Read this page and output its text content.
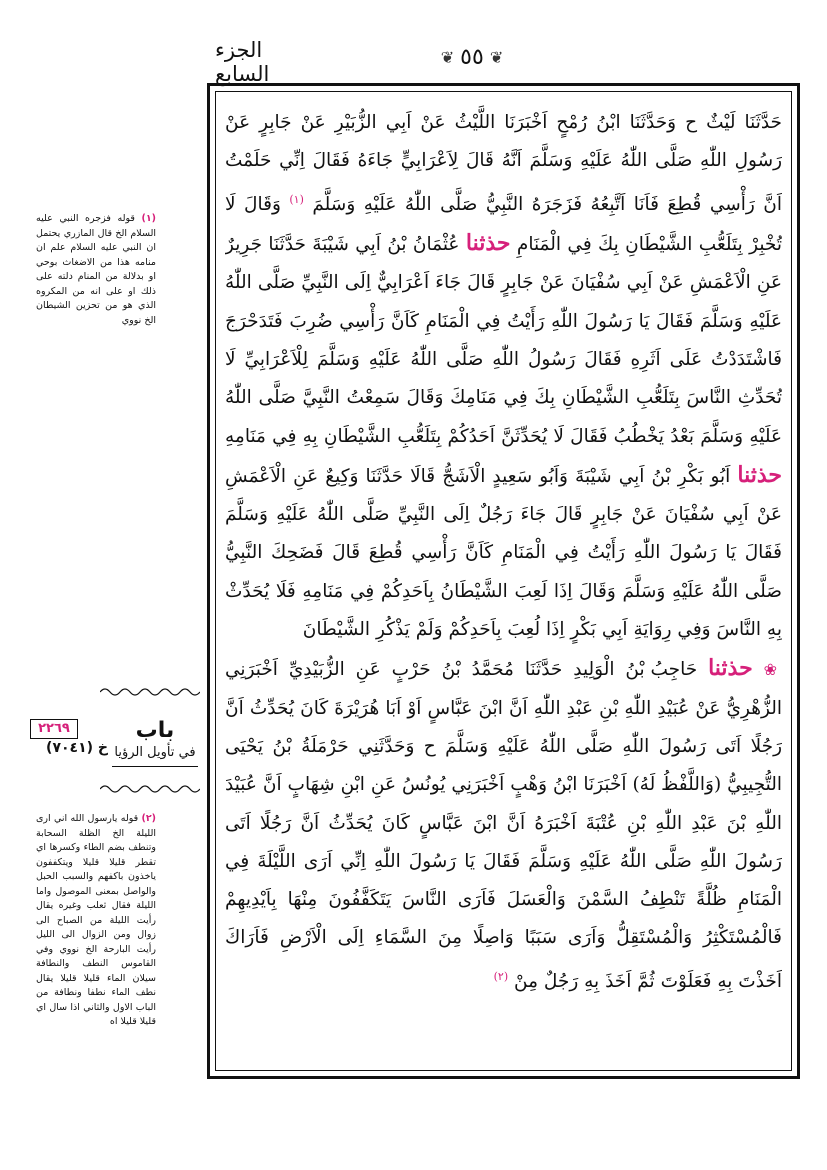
الجزء السابع
❦ ٥٥ ❦

حَدَّثَنَا لَيْثٌ ح وَحَدَّثَنَا ابْنُ رُمْحٍ اَخْبَرَنَا اللَّيْثُ عَنْ اَبِي الزُّبَيْرِ عَنْ جَابِرٍ عَنْ رَسُولِ اللّٰهِ صَلَّى اللّٰهُ عَلَيْهِ وَسَلَّمَ اَنَّهُ قَالَ لِاَعْرَابِيٍّ جَاءَهُ فَقَالَ اِنِّي حَلَمْتُ اَنَّ رَأْسِي قُطِعَ فَاَنَا اَتَّبِعُهُ فَزَجَرَهُ النَّبِيُّ صَلَّى اللّٰهُ عَلَيْهِ وَسَلَّمَ $^{(١)}$ وَقَالَ لَا تُخْبِرْ بِتَلَعُّبِ الشَّيْطَانِ بِكَ فِي الْمَنَامِ حذثنا عُثْمَانُ بْنُ اَبِي شَيْبَةَ حَدَّثَنَا جَرِيرٌ عَنِ الْاَعْمَشِ عَنْ اَبِي سُفْيَانَ عَنْ جَابِرٍ قَالَ جَاءَ اَعْرَابِيٌّ اِلَى النَّبِيِّ صَلَّى اللّٰهُ عَلَيْهِ وَسَلَّمَ فَقَالَ يَا رَسُولَ اللّٰهِ رَأَيْتُ فِي الْمَنَامِ كَاَنَّ رَأْسِي ضُرِبَ فَتَدَحْرَجَ فَاشْتَدَدْتُ عَلَى اَثَرِهِ فَقَالَ رَسُولُ اللّٰهِ صَلَّى اللّٰهُ عَلَيْهِ وَسَلَّمَ لِلْاَعْرَابِيِّ لَا تُحَدِّثِ النَّاسَ بِتَلَعُّبِ الشَّيْطَانِ بِكَ فِي مَنَامِكَ وَقَالَ سَمِعْتُ النَّبِيَّ صَلَّى اللّٰهُ عَلَيْهِ وَسَلَّمَ بَعْدُ يَخْطُبُ فَقَالَ لَا يُحَدِّثَنَّ اَحَدُكُمْ بِتَلَعُّبِ الشَّيْطَانِ بِهِ فِي مَنَامِهِ حذثنا اَبُو بَكْرِ بْنُ اَبِي شَيْبَةَ وَاَبُو سَعِيدٍ الْاَشَجُّ قَالَا حَدَّثَنَا وَكِيعٌ عَنِ الْاَعْمَشِ عَنْ اَبِي سُفْيَانَ عَنْ جَابِرٍ قَالَ جَاءَ رَجُلٌ اِلَى النَّبِيِّ صَلَّى اللّٰهُ عَلَيْهِ وَسَلَّمَ فَقَالَ يَا رَسُولَ اللّٰهِ رَأَيْتُ فِي الْمَنَامِ كَاَنَّ رَأْسِي قُطِعَ قَالَ فَضَحِكَ النَّبِيُّ صَلَّى اللّٰهُ عَلَيْهِ وَسَلَّمَ وَقَالَ اِذَا لَعِبَ الشَّيْطَانُ بِاَحَدِكُمْ فِي مَنَامِهِ فَلَا يُحَدِّثْ بِهِ النَّاسَ وَفِي رِوَايَةِ اَبِي بَكْرٍ اِذَا لُعِبَ بِاَحَدِكُمْ وَلَمْ يَذْكُرِ الشَّيْطَانَ

❀ حذثنا حَاجِبُ بْنُ الْوَلِيدِ حَدَّثَنَا مُحَمَّدُ بْنُ حَرْبٍ عَنِ الزُّبَيْدِيِّ اَخْبَرَنِي الزُّهْرِيُّ عَنْ عُبَيْدِ اللّٰهِ بْنِ عَبْدِ اللّٰهِ اَنَّ ابْنَ عَبَّاسٍ اَوْ اَبَا هُرَيْرَةَ كَانَ يُحَدِّثُ اَنَّ رَجُلًا اَتَى رَسُولَ اللّٰهِ صَلَّى اللّٰهُ عَلَيْهِ وَسَلَّمَ ح وَحَدَّثَنِي حَرْمَلَةُ بْنُ يَحْيَى التُّجِيبِيُّ (وَاللَّفْظُ لَهُ) اَخْبَرَنَا ابْنُ وَهْبٍ اَخْبَرَنِي يُونُسُ عَنِ ابْنِ شِهَابٍ اَنَّ عُبَيْدَ اللّٰهِ بْنَ عَبْدِ اللّٰهِ بْنِ عُتْبَةَ اَخْبَرَهُ اَنَّ ابْنَ عَبَّاسٍ كَانَ يُحَدِّثُ اَنَّ رَجُلًا اَتَى رَسُولَ اللّٰهِ صَلَّى اللّٰهُ عَلَيْهِ وَسَلَّمَ فَقَالَ يَا رَسُولَ اللّٰهِ اِنِّي اَرَى اللَّيْلَةَ فِي الْمَنَامِ ظُلَّةً تَنْطِفُ السَّمْنَ وَالْعَسَلَ فَاَرَى النَّاسَ يَتَكَفَّفُونَ مِنْهَا بِاَيْدِيهِمْ فَالْمُسْتَكْثِرُ وَالْمُسْتَقِلُّ وَاَرَى سَبَبًا وَاصِلًا مِنَ السَّمَاءِ اِلَى الْاَرْضِ فَاَرَاكَ اَخَذْتَ بِهِ فَعَلَوْتَ ثُمَّ اَخَذَ بِهِ رَجُلٌ مِنْ $^{(٢)}$

(١) قوله فزجره النبي عليه السلام الخ قال المازري يحتمل ان النبي عليه السلام علم ان منامه هذا من الاضغاث بوحي او بدلالة من المنام دلته على ذلك او على انه من المكروه الذي هو من تحزين الشيطان الخ نووي
باب
في تأويل الرؤيا
٢٢٦٩
خ (٧٠٤١)
(٢) قوله يارسول الله اني ارى الليلة الخ الظلة السحابة وتنطف بضم الطاء وكسرها اي تقطر قليلا قليلا ويتكففون ياخذون باكفهم والسبب الحبل والواصل بمعنى الموصول واما الليلة فقال ثعلب وغيره يقال رأيت الليلة من الصباح الى زوال ومن الزوال الى الليل رأيت البارحة الخ نووي وفي القاموس النطف والنطافة سيلان الماء قليلا قليلا يقال نطف الماء نطفا ونطافة من الباب الاول والثاني اذا سال اي قليلا قليلا اه
